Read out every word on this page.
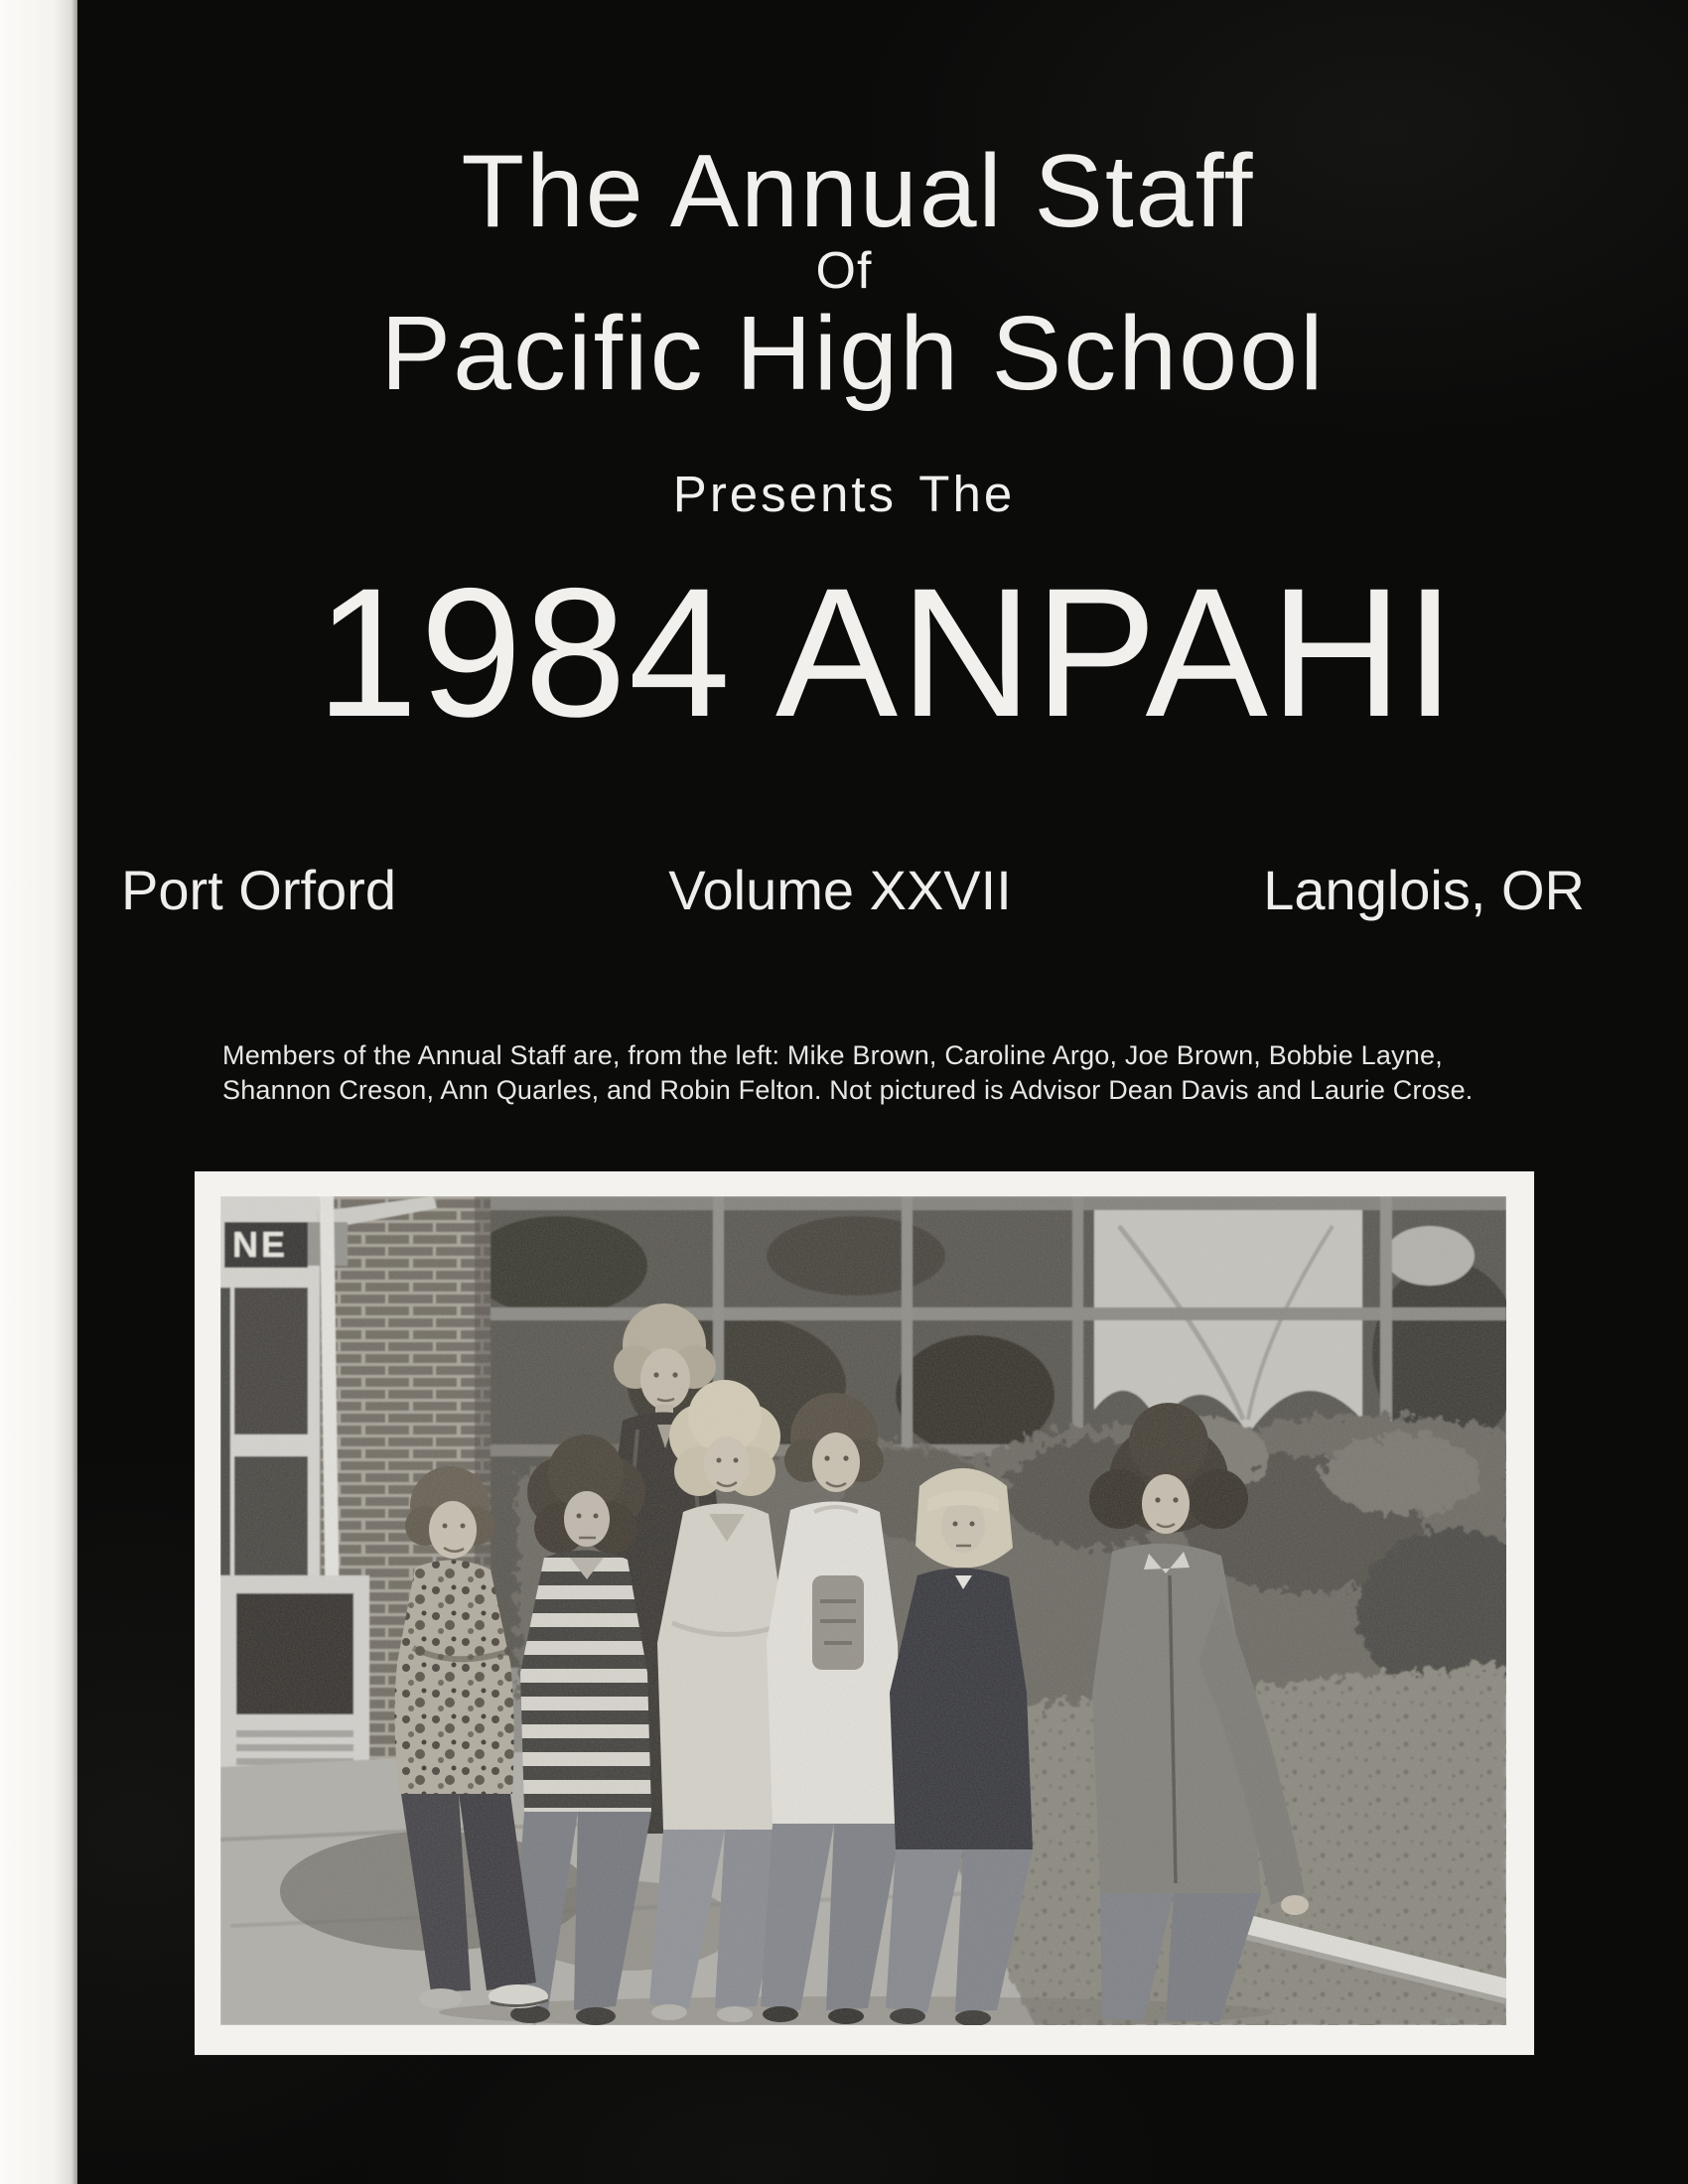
The Annual Staff
Of
Pacific High School
Presents The
1984 ANPAHI
Port Orford	Volume XXVII	Langlois, OR
Members of the Annual Staff are, from the left: Mike Brown, Caroline Argo, Joe Brown, Bobbie Layne, Shannon Creson, Ann Quarles, and Robin Felton. Not pictured is Advisor Dean Davis and Laurie Crose.
NE
